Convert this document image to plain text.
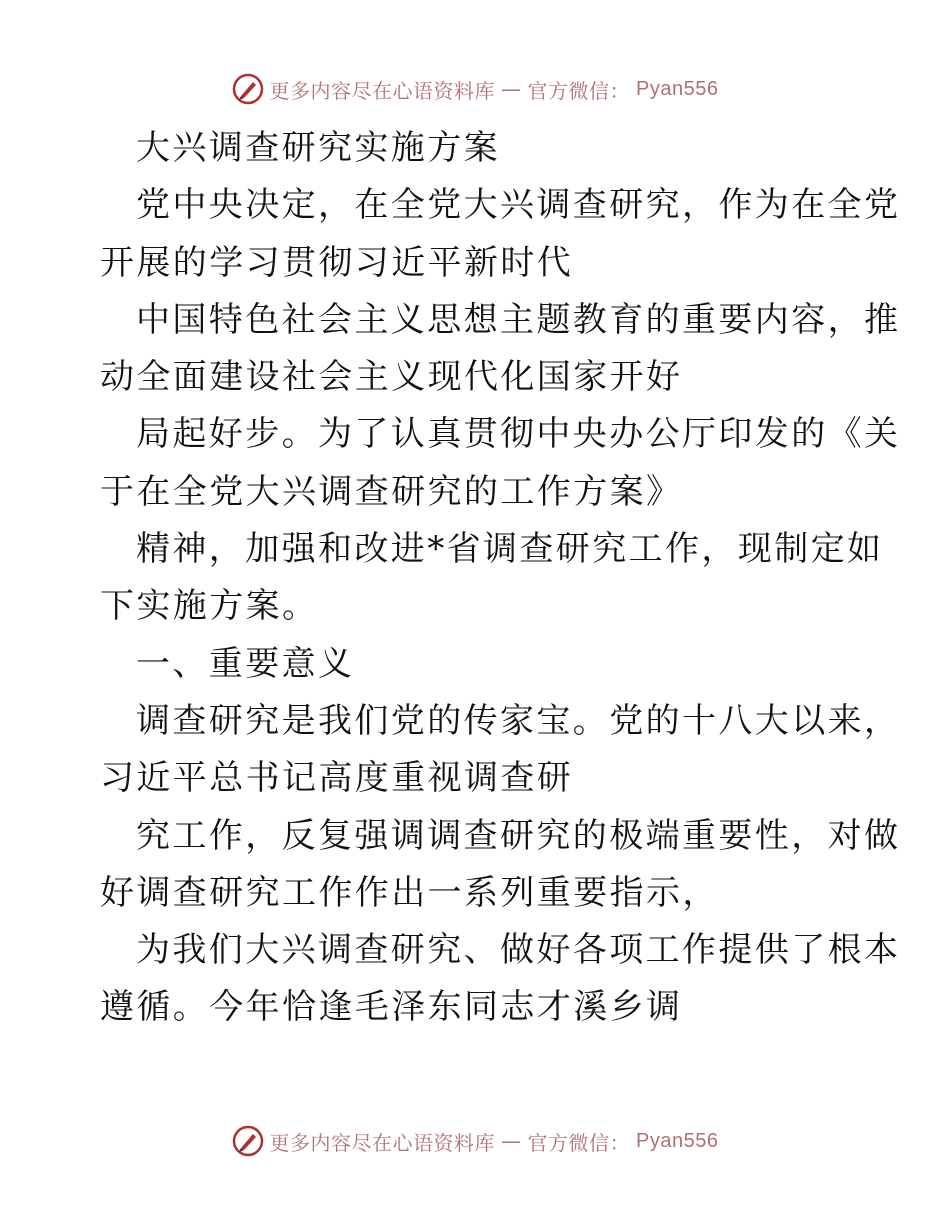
更多内容尽在心语资料库 — 官方微信： Pyan556
大兴调查研究实施方案
党中央决定，在全党大兴调查研究，作为在全党
开展的学习贯彻习近平新时代
中国特色社会主义思想主题教育的重要内容，推
动全面建设社会主义现代化国家开好
局起好步。为了认真贯彻中央办公厅印发的《关
于在全党大兴调查研究的工作方案》
精神，加强和改进*省调查研究工作，现制定如
下实施方案。
一、重要意义
调查研究是我们党的传家宝。党的十八大以来，
习近平总书记高度重视调查研
究工作，反复强调调查研究的极端重要性，对做
好调查研究工作作出一系列重要指示，
为我们大兴调查研究、做好各项工作提供了根本
遵循。今年恰逢毛泽东同志才溪乡调
更多内容尽在心语资料库 — 官方微信： Pyan556
